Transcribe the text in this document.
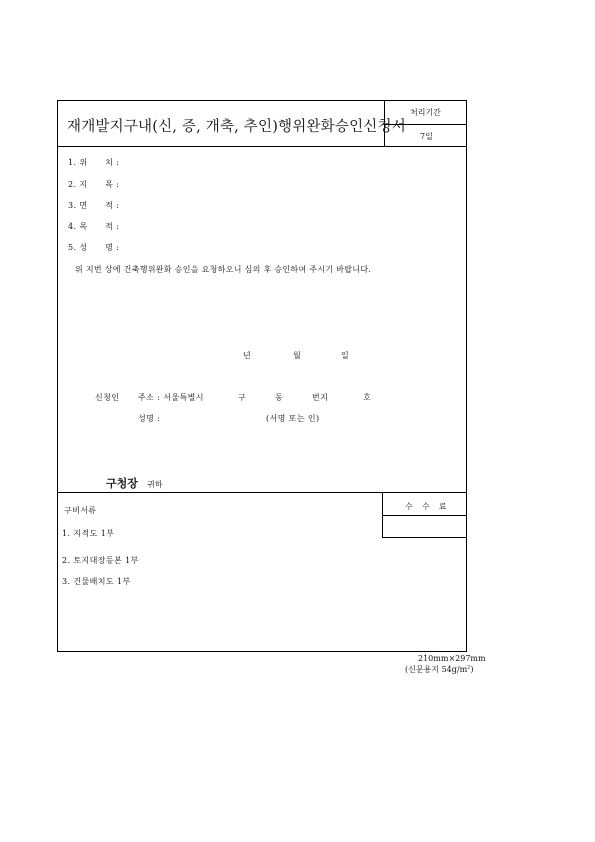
재개발지구내(신, 증, 개축, 추인)행위완화승인신청서
처리기간
7일
1. 위      치 :
2. 지      목 :
3. 면      적 :
4. 목      적 :
5. 성      명 :
위 지번 상에 건축행위완화 승인을 요청하오니 심의 후 승인하여 주시기 바랍니다.
년	월	일
신청인 주소 : 서울특별시	구	동	번지	호
성명 :	(서명 또는 인)
구청장 귀하
수   수   료
구비서류
1. 지적도 1부
2. 토지대장등본 1부
3. 건물배치도 1부
210mm×297mm
(신문용지 $54g/m^2$)
